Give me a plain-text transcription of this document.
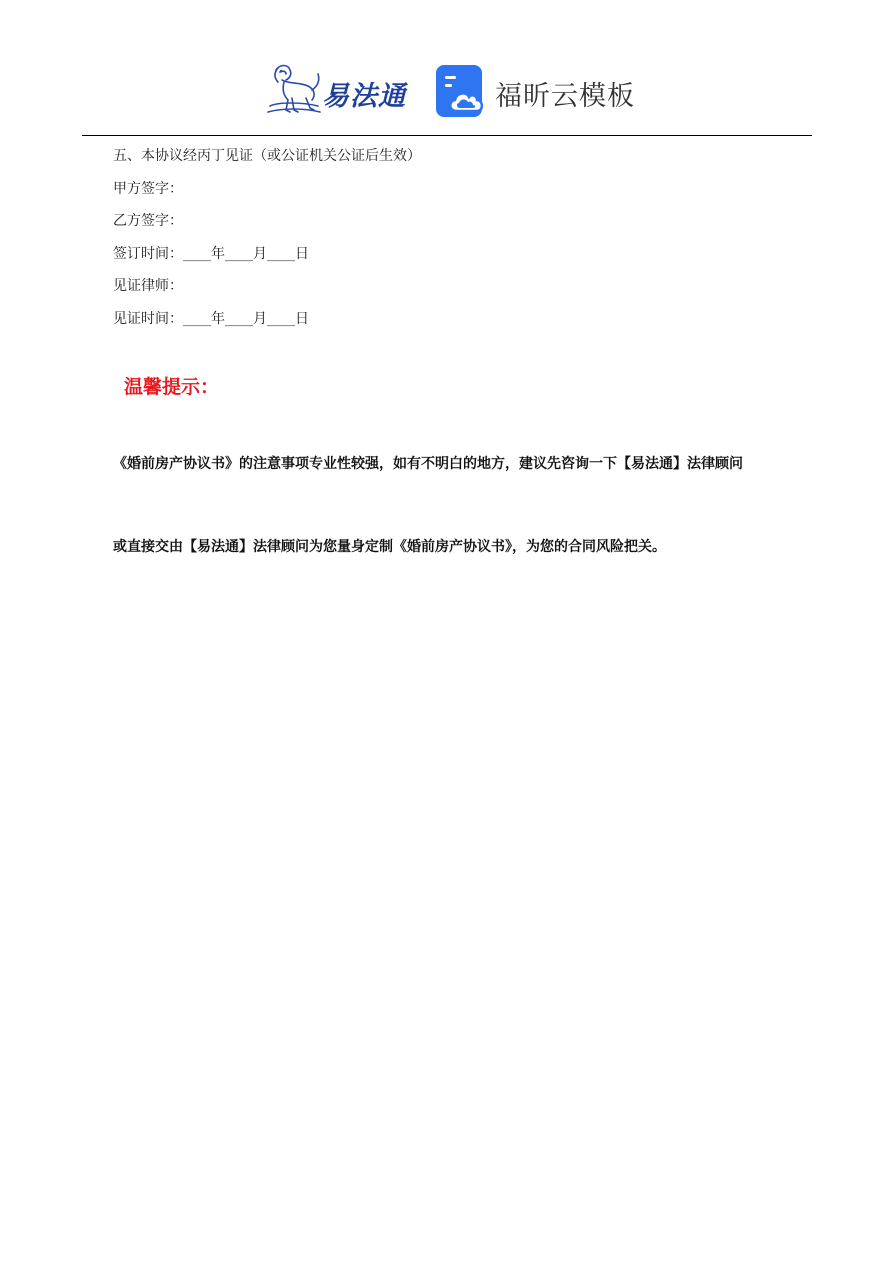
易法通	福昕云模板
五、本协议经丙丁见证（或公证机关公证后生效）
甲方签字：
乙方签字：
签订时间：____年____月____日
见证律师：
见证时间：____年____月____日
温馨提示：
《婚前房产协议书》的注意事项专业性较强，如有不明白的地方，建议先咨询一下【易法通】法律顾问
或直接交由【易法通】法律顾问为您量身定制《婚前房产协议书》，为您的合同风险把关。
